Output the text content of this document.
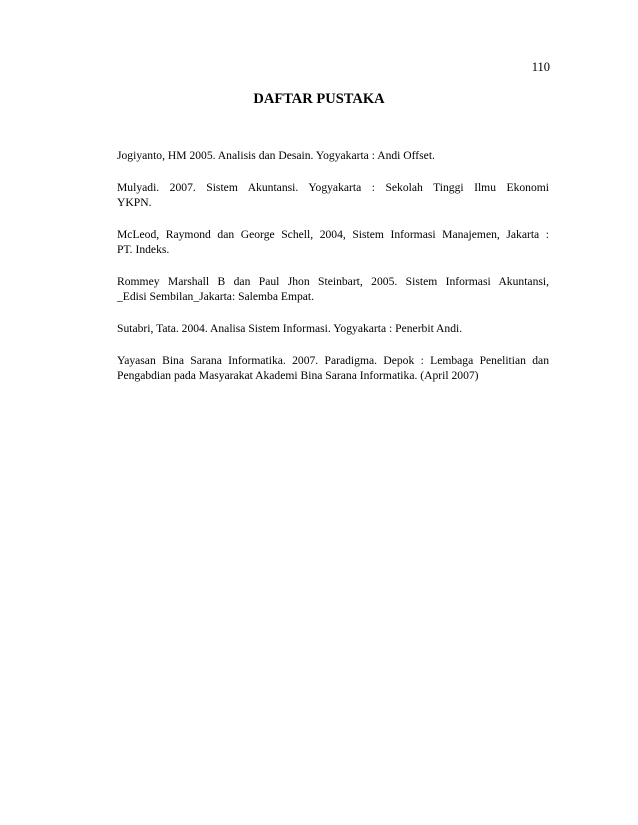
110
DAFTAR PUSTAKA
Jogiyanto, HM 2005. Analisis dan Desain. Yogyakarta : Andi Offset.
Mulyadi. 2007. Sistem Akuntansi. Yogyakarta : Sekolah Tinggi Ilmu Ekonomi
YKPN.
McLeod, Raymond dan George Schell, 2004, Sistem Informasi Manajemen, Jakarta :
PT. Indeks.
Rommey Marshall B dan Paul Jhon Steinbart, 2005. Sistem Informasi Akuntansi,
_Edisi Sembilan_Jakarta: Salemba Empat.
Sutabri, Tata. 2004. Analisa Sistem Informasi. Yogyakarta : Penerbit Andi.
Yayasan Bina Sarana Informatika. 2007. Paradigma. Depok : Lembaga Penelitian dan
Pengabdian pada Masyarakat Akademi Bina Sarana Informatika. (April 2007)
